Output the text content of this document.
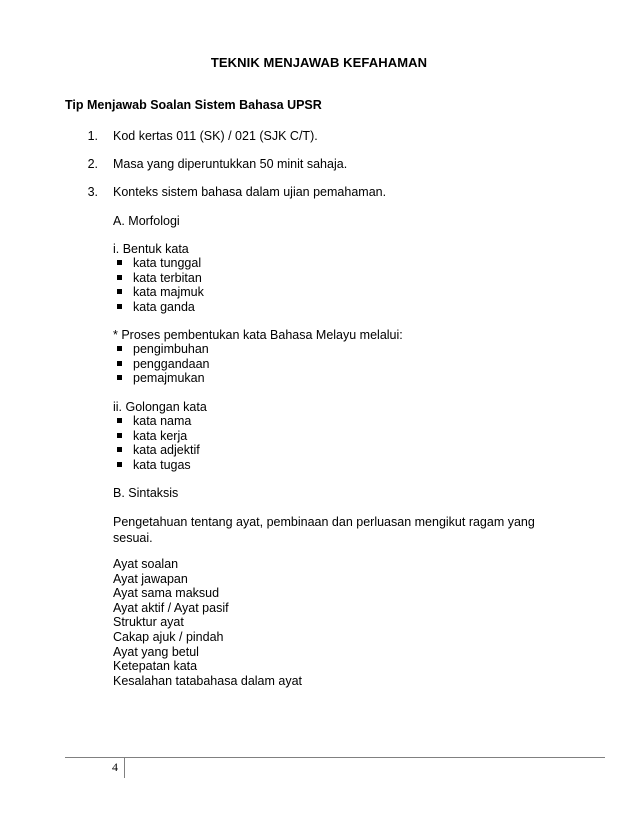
TEKNIK MENJAWAB KEFAHAMAN
Tip Menjawab Soalan Sistem Bahasa UPSR
1. Kod kertas 011 (SK) / 021 (SJK C/T).
2. Masa yang diperuntukkan 50 minit sahaja.
3. Konteks sistem bahasa dalam ujian pemahaman.
A. Morfologi
i. Bentuk kata
kata tunggal
kata terbitan
kata majmuk
kata ganda
* Proses pembentukan kata Bahasa Melayu melalui:
pengimbuhan
penggandaan
pemajmukan
ii. Golongan kata
kata nama
kata kerja
kata adjektif
kata tugas
B. Sintaksis
Pengetahuan tentang ayat, pembinaan dan perluasan mengikut ragam yang
sesuai.
Ayat soalan
Ayat jawapan
Ayat sama maksud
Ayat aktif / Ayat pasif
Struktur ayat
Cakap ajuk / pindah
Ayat yang betul
Ketepatan kata
Kesalahan tatabahasa dalam ayat
4
